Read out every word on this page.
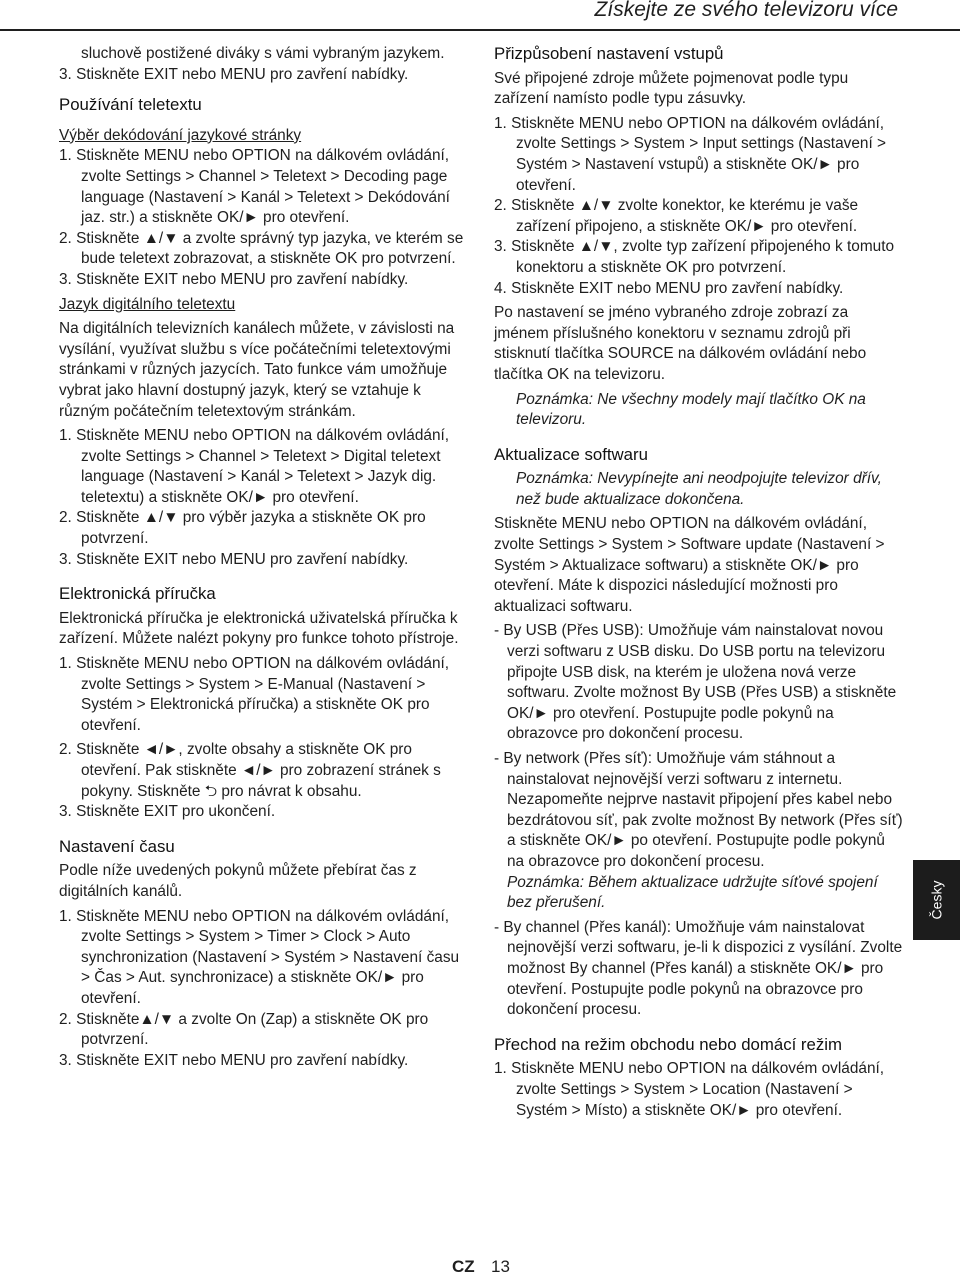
Získejte ze svého televizoru více

sluchově postižené diváky s vámi vybraným jazykem.

3. Stiskněte EXIT nebo MENU pro zavření nabídky.

Používání teletextu

Výběr dekódování jazykové stránky

1. Stiskněte MENU nebo OPTION na dálkovém ovládání, zvolte Settings > Channel > Teletext > Decoding page language (Nastavení > Kanál > Teletext > Dekódování jaz. str.) a stiskněte OK/► pro otevření.

2. Stiskněte ▲/▼ a zvolte správný typ jazyka, ve kterém se bude teletext zobrazovat, a stiskněte OK pro potvrzení.

3. Stiskněte EXIT nebo MENU pro zavření nabídky.

Jazyk digitálního teletextu

Na digitálních televizních kanálech můžete, v závislosti na vysílání, využívat službu s více počátečními teletextovými stránkami v různých jazycích. Tato funkce vám umožňuje vybrat jako hlavní dostupný jazyk, který se vztahuje k různým počátečním teletextovým stránkám.

1. Stiskněte MENU nebo OPTION na dálkovém ovládání, zvolte Settings > Channel > Teletext > Digital teletext language (Nastavení > Kanál > Teletext > Jazyk dig. teletextu) a stiskněte OK/► pro otevření.

2. Stiskněte ▲/▼ pro výběr jazyka a stiskněte OK pro potvrzení.

3. Stiskněte EXIT nebo MENU pro zavření nabídky.

Elektronická příručka

Elektronická příručka je elektronická uživatelská příručka k zařízení. Můžete nalézt pokyny pro funkce tohoto přístroje.

1. Stiskněte MENU nebo OPTION na dálkovém ovládání, zvolte Settings > System > E-Manual (Nastavení > Systém > Elektronická příručka) a stiskněte OK pro otevření.

2. Stiskněte ◄/►, zvolte obsahy a stiskněte OK pro otevření. Pak stiskněte ◄/► pro zobrazení stránek s pokyny. Stiskněte ⮌ pro návrat k obsahu.

3. Stiskněte EXIT pro ukončení.

Nastavení času

Podle níže uvedených pokynů můžete přebírat čas z digitálních kanálů.

1. Stiskněte MENU nebo OPTION na dálkovém ovládání, zvolte Settings > System > Timer > Clock > Auto synchronization (Nastavení > Systém > Nastavení času > Čas > Aut. synchronizace) a stiskněte OK/► pro otevření.

2. Stiskněte▲/▼ a zvolte On (Zap) a stiskněte OK pro potvrzení.

3. Stiskněte EXIT nebo MENU pro zavření nabídky.

Přizpůsobení nastavení vstupů

Své připojené zdroje můžete pojmenovat podle typu zařízení namísto podle typu zásuvky.

1. Stiskněte MENU nebo OPTION na dálkovém ovládání, zvolte Settings > System > Input settings (Nastavení > Systém > Nastavení vstupů) a stiskněte OK/► pro otevření.

2. Stiskněte ▲/▼ zvolte konektor, ke kterému je vaše zařízení připojeno, a stiskněte OK/► pro otevření.

3. Stiskněte ▲/▼, zvolte typ zařízení připojeného k tomuto konektoru a stiskněte OK pro potvrzení.

4. Stiskněte EXIT nebo MENU pro zavření nabídky.

Po nastavení se jméno vybraného zdroje zobrazí za jménem příslušného konektoru v seznamu zdrojů při stisknutí tlačítka SOURCE na dálkovém ovládání nebo tlačítka OK na televizoru.

Poznámka: Ne všechny modely mají tlačítko OK na televizoru.

Aktualizace softwaru

Poznámka: Nevypínejte ani neodpojujte televizor dřív, než bude aktualizace dokončena.

Stiskněte MENU nebo OPTION na dálkovém ovládání, zvolte Settings > System > Software update (Nastavení > Systém > Aktualizace softwaru) a stiskněte OK/► pro otevření. Máte k dispozici následující možnosti pro aktualizaci softwaru.

- By USB (Přes USB): Umožňuje vám nainstalovat novou verzi softwaru z USB disku. Do USB portu na televizoru připojte USB disk, na kterém je uložena nová verze softwaru. Zvolte možnost By USB (Přes USB) a stiskněte OK/► pro otevření. Postupujte podle pokynů na obrazovce pro dokončení procesu.

- By network (Přes síť): Umožňuje vám stáhnout a nainstalovat nejnovější verzi softwaru z internetu. Nezapomeňte nejprve nastavit připojení přes kabel nebo bezdrátovou síť, pak zvolte možnost By network (Přes síť) a stiskněte OK/► po otevření. Postupujte podle pokynů na obrazovce pro dokončení procesu.

Poznámka: Během aktualizace udržujte síťové spojení bez přerušení.

- By channel (Přes kanál): Umožňuje vám nainstalovat nejnovější verzi softwaru, je-li k dispozici z vysílání. Zvolte možnost By channel (Přes kanál) a stiskněte OK/► pro otevření. Postupujte podle pokynů na obrazovce pro dokončení procesu.

Přechod na režim obchodu nebo domácí režim

1. Stiskněte MENU nebo OPTION na dálkovém ovládání, zvolte Settings > System > Location (Nastavení > Systém > Místo) a stiskněte OK/► pro otevření.

Česky
CZ 13
